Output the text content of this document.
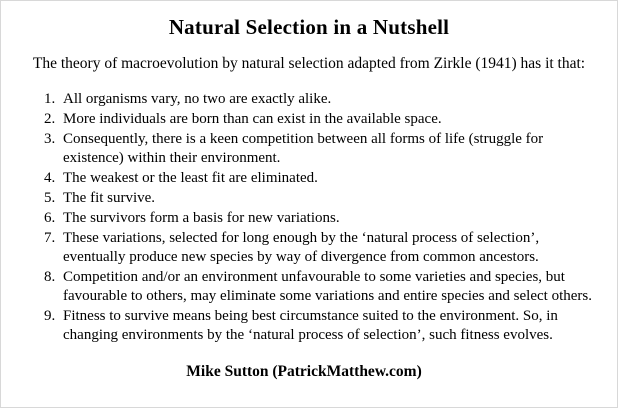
Natural Selection in a Nutshell

The theory of macroevolution by natural selection adapted from Zirkle (1941) has it that:

1. All organisms vary, no two are exactly alike.
2. More individuals are born than can exist in the available space.
3. Consequently, there is a keen competition between all forms of life (struggle for existence) within their environment.
4. The weakest or the least fit are eliminated.
5. The fit survive.
6. The survivors form a basis for new variations.
7. These variations, selected for long enough by the ‘natural process of selection’, eventually produce new species by way of divergence from common ancestors.
8. Competition and/or an environment unfavourable to some varieties and species, but favourable to others, may eliminate some variations and entire species and select others.
9. Fitness to survive means being best circumstance suited to the environment. So, in changing environments by the ‘natural process of selection’, such fitness evolves.
Mike Sutton (PatrickMatthew.com)
